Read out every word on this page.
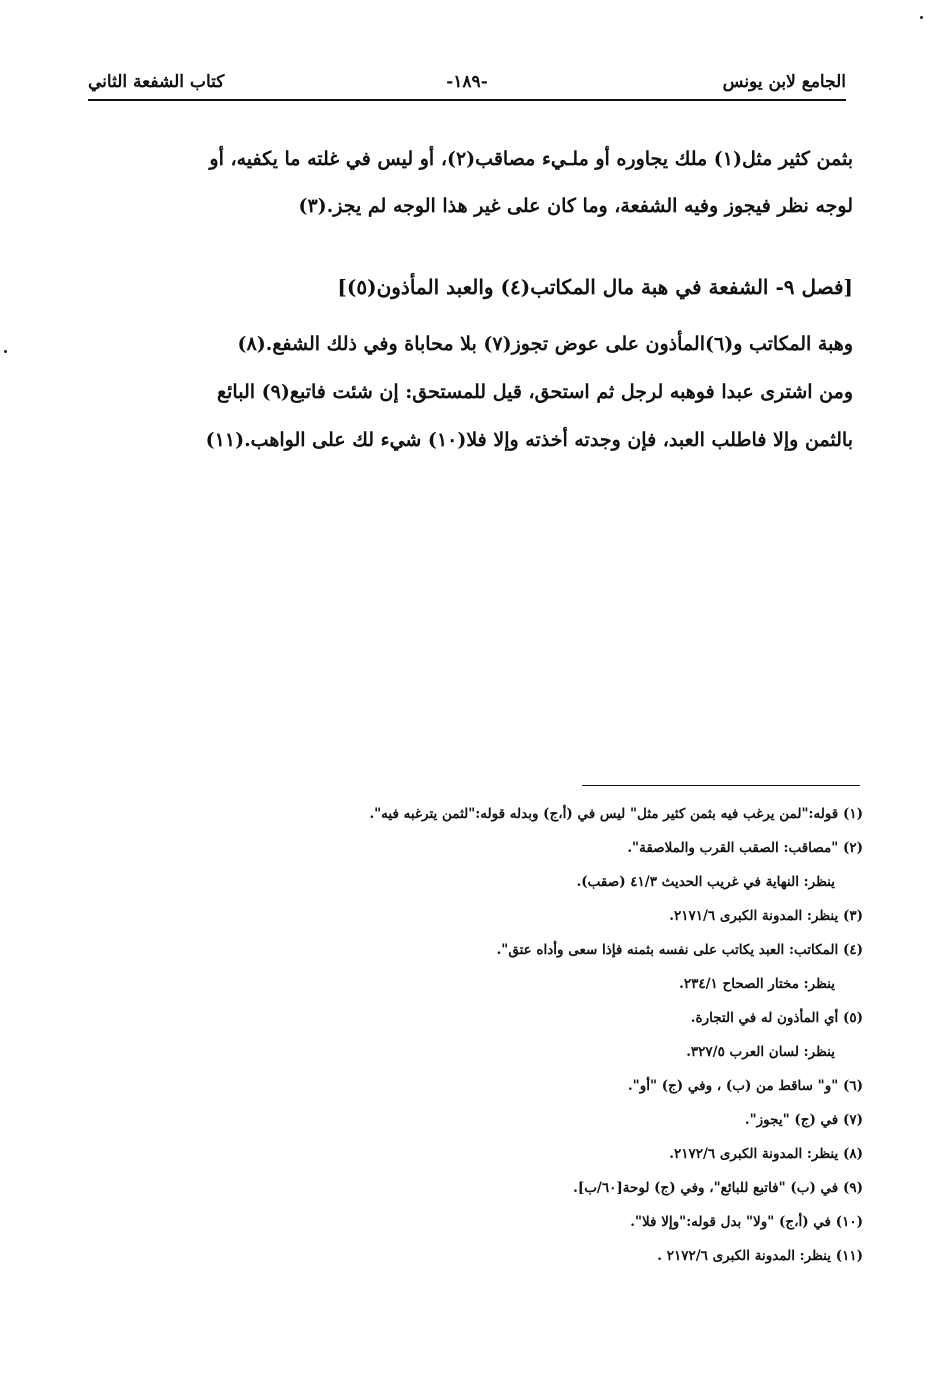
الجامع لابن يونس
-١٨٩-
كتاب الشفعة الثاني
بثمن كثير مثل(١) ملك يجاوره أو ملـيء مصاقب(٢)، أو ليس في غلته ما يكفيه، أو
لوجه نظر فيجوز وفيه الشفعة، وما كان على غير هذا الوجه لم يجز.(٣)
[فصل ٩- الشفعة في هبة مال المكاتب(٤) والعبد المأذون(٥)]
وهبة المكاتب و(٦)المأذون على عوض تجوز(٧) بلا محاباة وفي ذلك الشفع.(٨)
ومن اشترى عبدا فوهبه لرجل ثم استحق، قيل للمستحق: إن شئت فاتبع(٩) البائع
بالثمن وإلا فاطلب العبد، فإن وجدته أخذته وإلا فلا(١٠) شيء لك على الواهب.(١١)
(١) قوله:"لمن يرغب فيه بثمن كثير مثل" ليس في (أ،ج) وبدله قوله:"لثمن يترغبه فيه".
(٢) "مصاقب: الصقب القرب والملاصقة".
ينظر: النهاية في غريب الحديث ٤١/٣ (صقب).
(٣) ينظر: المدونة الكبرى ٢١٧١/٦.
(٤) المكاتب: العبد يكاتب على نفسه بثمنه فإذا سعى وأداه عتق".
ينظر: مختار الصحاح ٢٣٤/١.
(٥) أي المأذون له في التجارة.
ينظر: لسان العرب ٣٢٧/٥.
(٦) "و" ساقط من (ب) ، وفي (ج) "أو".
(٧) في (ج) "يجوز".
(٨) ينظر: المدونة الكبرى ٢١٧٢/٦.
(٩) في (ب) "فاتبع للبائع"، وفي (ج) لوحة[٦٠/ب].
(١٠) في (أ،ج) "ولا" بدل قوله:"وإلا فلا".
(١١) ينظر: المدونة الكبرى ٢١٧٢/٦ .
